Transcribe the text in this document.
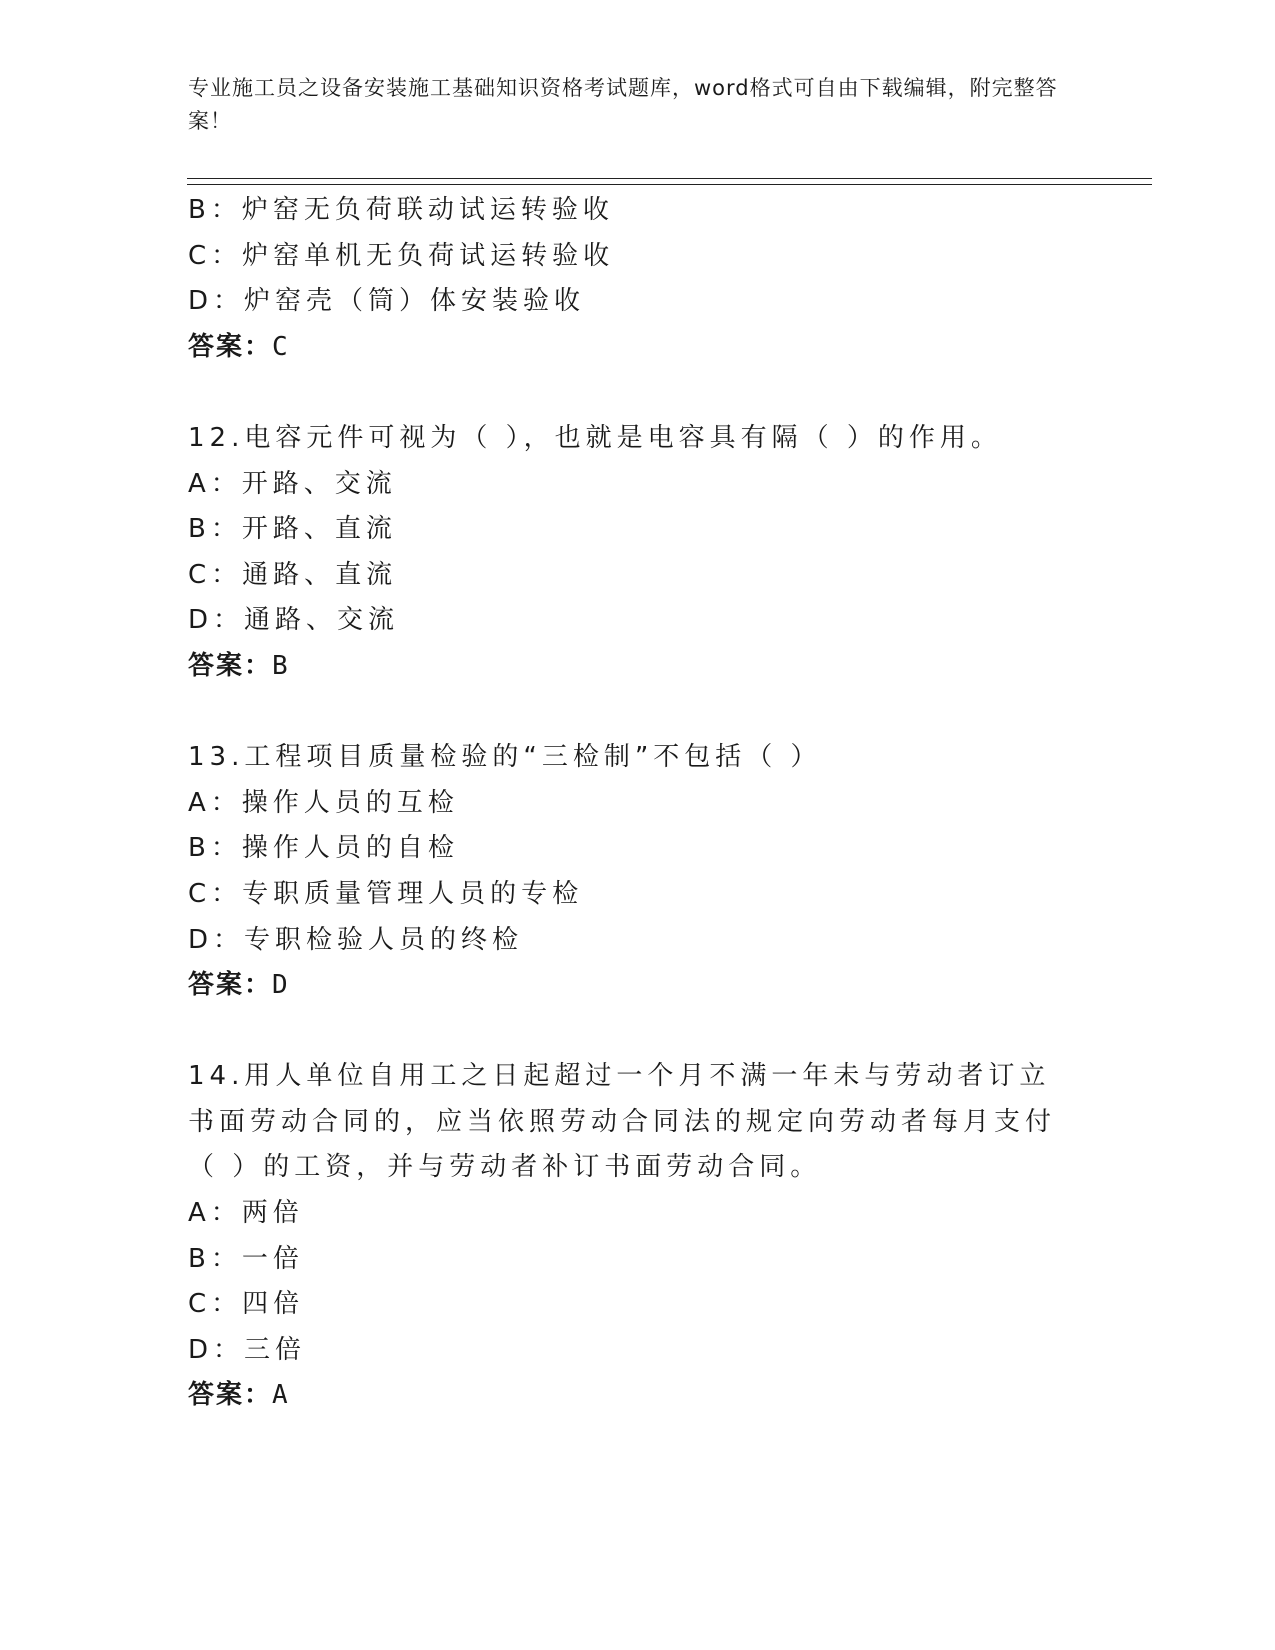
专业施工员之设备安装施工基础知识资格考试题库，word格式可自由下载编辑，附完整答案！
B：炉窑无负荷联动试运转验收
C：炉窑单机无负荷试运转验收
D：炉窑壳（筒）体安装验收
答案：C
12.电容元件可视为（ ），也就是电容具有隔（ ）的作用。
A：开路、交流
B：开路、直流
C：通路、直流
D：通路、交流
答案：B
13.工程项目质量检验的“三检制”不包括（ ）
A：操作人员的互检
B：操作人员的自检
C：专职质量管理人员的专检
D：专职检验人员的终检
答案：D
14.用人单位自用工之日起超过一个月不满一年未与劳动者订立书面劳动合同的，应当依照劳动合同法的规定向劳动者每月支付（ ）的工资，并与劳动者补订书面劳动合同。
A：两倍
B：一倍
C：四倍
D：三倍
答案：A
